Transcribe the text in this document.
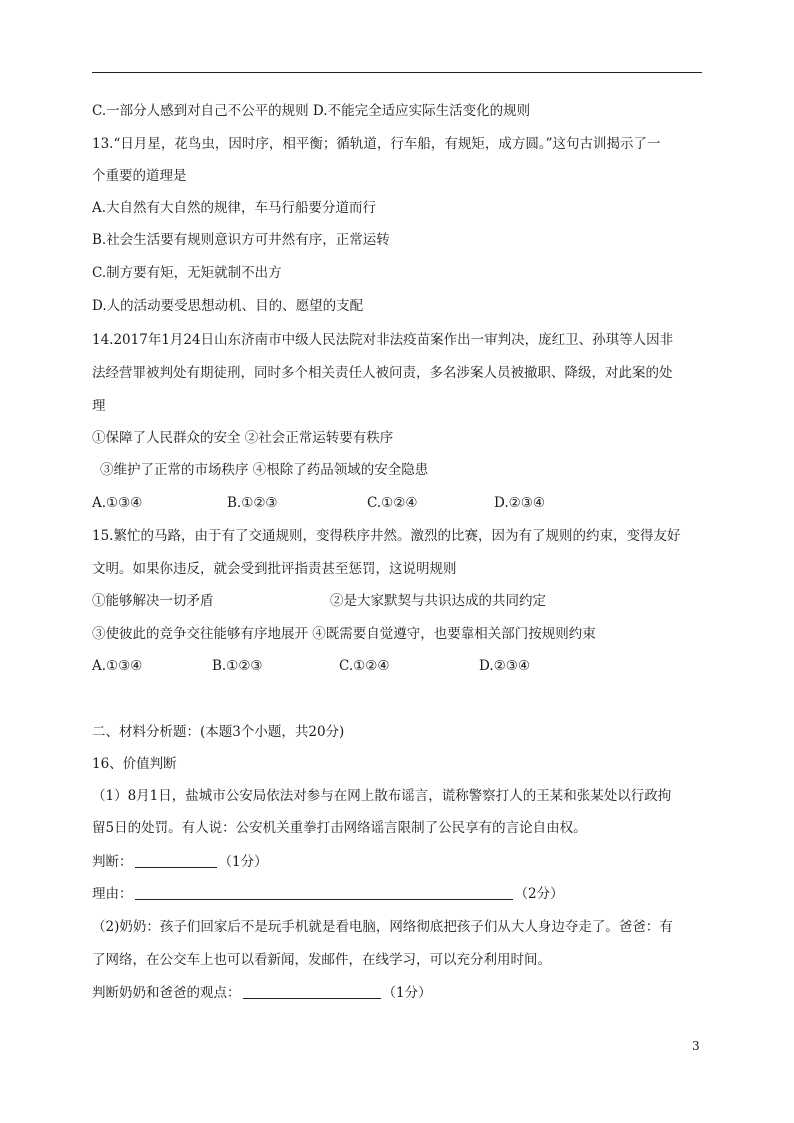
C.一部分人感到对自己不公平的规则 D.不能完全适应实际生活变化的规则
13.“日月星，花鸟虫，因时序，相平衡；循轨道，行车船，有规矩，成方圆。”这句古训揭示了一
个重要的道理是
A.大自然有大自然的规律，车马行船要分道而行
B.社会生活要有规则意识方可井然有序，正常运转
C.制方要有矩，无矩就制不出方
D.人的活动要受思想动机、目的、愿望的支配
14.2017年1月24日山东济南市中级人民法院对非法疫苗案作出一审判决，庞红卫、孙琪等人因非
法经营罪被判处有期徒刑，同时多个相关责任人被问责，多名涉案人员被撤职、降级，对此案的处
理
①保障了人民群众的安全 ②社会正常运转要有秩序
③维护了正常的市场秩序 ④根除了药品领域的安全隐患
A.①③④	B.①②③	C.①②④	D.②③④
15.繁忙的马路，由于有了交通规则，变得秩序井然。激烈的比赛，因为有了规则的约束，变得友好
文明。如果你违反，就会受到批评指责甚至惩罚，这说明规则
①能够解决一切矛盾	②是大家默契与共识达成的共同约定
③使彼此的竞争交往能够有序地展开 ④既需要自觉遵守，也要靠相关部门按规则约束
A.①③④	B.①②③	C.①②④	D.②③④
二、材料分析题：(本题3个小题，共20分)
16、价值判断
（1）8月1日，盐城市公安局依法对参与在网上散布谣言，谎称警察打人的王某和张某处以行政拘
留5日的处罚。有人说：公安机关重拳打击网络谣言限制了公民享有的言论自由权。
判断：	（1分）
理由：	（2分）
（2)奶奶：孩子们回家后不是玩手机就是看电脑，网络彻底把孩子们从大人身边夺走了。爸爸：有
了网络，在公交车上也可以看新闻，发邮件，在线学习，可以充分利用时间。
判断奶奶和爸爸的观点：	（1分）
3
